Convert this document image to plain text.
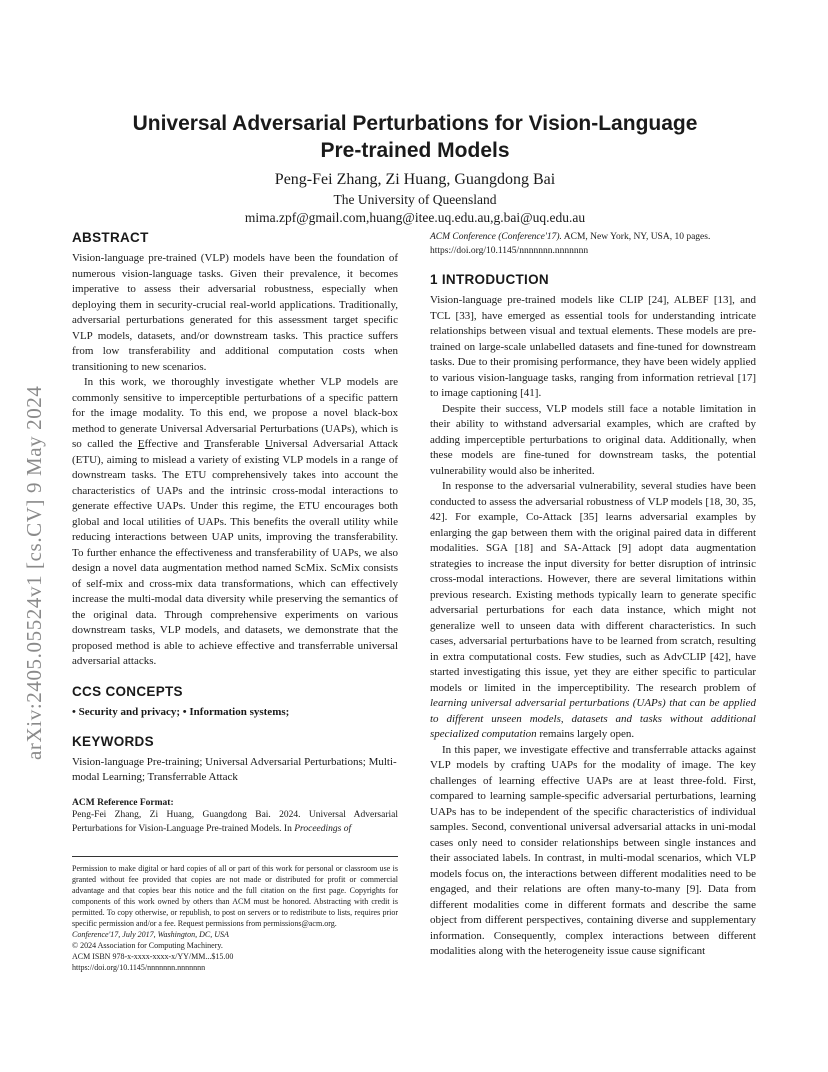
arXiv:2405.05524v1 [cs.CV] 9 May 2024
Universal Adversarial Perturbations for Vision-Language
Pre-trained Models
Peng-Fei Zhang, Zi Huang, Guangdong Bai
The University of Queensland
mima.zpf@gmail.com,huang@itee.uq.edu.au,g.bai@uq.edu.au
ABSTRACT

Vision-language pre-trained (VLP) models have been the foundation of numerous vision-language tasks. Given their prevalence, it becomes imperative to assess their adversarial robustness, especially when deploying them in security-crucial real-world applications. Traditionally, adversarial perturbations generated for this assessment target specific VLP models, datasets, and/or downstream tasks. This practice suffers from low transferability and additional computation costs when transitioning to new scenarios.

In this work, we thoroughly investigate whether VLP models are commonly sensitive to imperceptible perturbations of a specific pattern for the image modality. To this end, we propose a novel black-box method to generate Universal Adversarial Perturbations (UAPs), which is so called the Effective and Transferable Universal Adversarial Attack (ETU), aiming to mislead a variety of existing VLP models in a range of downstream tasks. The ETU comprehensively takes into account the characteristics of UAPs and the intrinsic cross-modal interactions to generate effective UAPs. Under this regime, the ETU encourages both global and local utilities of UAPs. This benefits the overall utility while reducing interactions between UAP units, improving the transferability. To further enhance the effectiveness and transferability of UAPs, we also design a novel data augmentation method named ScMix. ScMix consists of self-mix and cross-mix data transformations, which can effectively increase the multi-modal data diversity while preserving the semantics of the original data. Through comprehensive experiments on various downstream tasks, VLP models, and datasets, we demonstrate that the proposed method is able to achieve effective and transferrable universal adversarial attacks.

CCS CONCEPTS
• Security and privacy; • Information systems;
KEYWORDS

Vision-language Pre-training; Universal Adversarial Perturbations; Multi-modal Learning; Transferrable Attack

ACM Reference Format:
Peng-Fei Zhang, Zi Huang, Guangdong Bai. 2024. Universal Adversarial Perturbations for Vision-Language Pre-trained Models. In Proceedings of
Permission to make digital or hard copies of all or part of this work for personal or classroom use is granted without fee provided that copies are not made or distributed for profit or commercial advantage and that copies bear this notice and the full citation on the first page. Copyrights for components of this work owned by others than ACM must be honored. Abstracting with credit is permitted. To copy otherwise, or republish, to post on servers or to redistribute to lists, requires prior specific permission and/or a fee. Request permissions from permissions@acm.org.
Conference'17, July 2017, Washington, DC, USA
© 2024 Association for Computing Machinery.
ACM ISBN 978-x-xxxx-xxxx-x/YY/MM...$15.00
https://doi.org/10.1145/nnnnnnn.nnnnnnn
ACM Conference (Conference'17). ACM, New York, NY, USA, 10 pages. https://doi.org/10.1145/nnnnnnn.nnnnnnn
1 INTRODUCTION

Vision-language pre-trained models like CLIP [24], ALBEF [13], and TCL [33], have emerged as essential tools for understanding intricate relationships between visual and textual elements. These models are pre-trained on large-scale unlabelled datasets and fine-tuned for downstream tasks. Due to their promising performance, they have been widely applied to various vision-language tasks, ranging from information retrieval [17] to image captioning [41].

Despite their success, VLP models still face a notable limitation in their ability to withstand adversarial examples, which are crafted by adding imperceptible perturbations to original data. Additionally, when these models are fine-tuned for downstream tasks, the potential vulnerability would also be inherited.

In response to the adversarial vulnerability, several studies have been conducted to assess the adversarial robustness of VLP models [18, 30, 35, 42]. For example, Co-Attack [35] learns adversarial examples by enlarging the gap between them with the original paired data in different modalities. SGA [18] and SA-Attack [9] adopt data augmentation strategies to increase the input diversity for better disruption of intrinsic cross-modal interactions. However, there are several limitations within previous research. Existing methods typically learn to generate specific adversarial perturbations for each data instance, which might not generalize well to unseen data with different characteristics. In such cases, adversarial perturbations have to be learned from scratch, resulting in extra computational costs. Few studies, such as AdvCLIP [42], have started investigating this issue, yet they are either specific to particular models or limited in the imperceptibility. The research problem of learning universal adversarial perturbations (UAPs) that can be applied to different unseen models, datasets and tasks without additional specialized computation remains largely open.

In this paper, we investigate effective and transferrable attacks against VLP models by crafting UAPs for the modality of image. The key challenges of learning effective UAPs are at least three-fold. First, compared to learning sample-specific adversarial perturbations, learning UAPs has to be independent of the specific characteristics of individual samples. Second, conventional universal adversarial attacks in uni-modal cases only need to consider relationships between single instances and their associated labels. In contrast, in multi-modal scenarios, which VLP models focus on, the interactions between different modalities need to be engaged, and their relations are often many-to-many [9]. Data from different modalities come in different formats and describe the same object from different perspectives, containing diverse and supplementary information. Consequently, complex interactions between different modalities along with the heterogeneity issue cause significant
